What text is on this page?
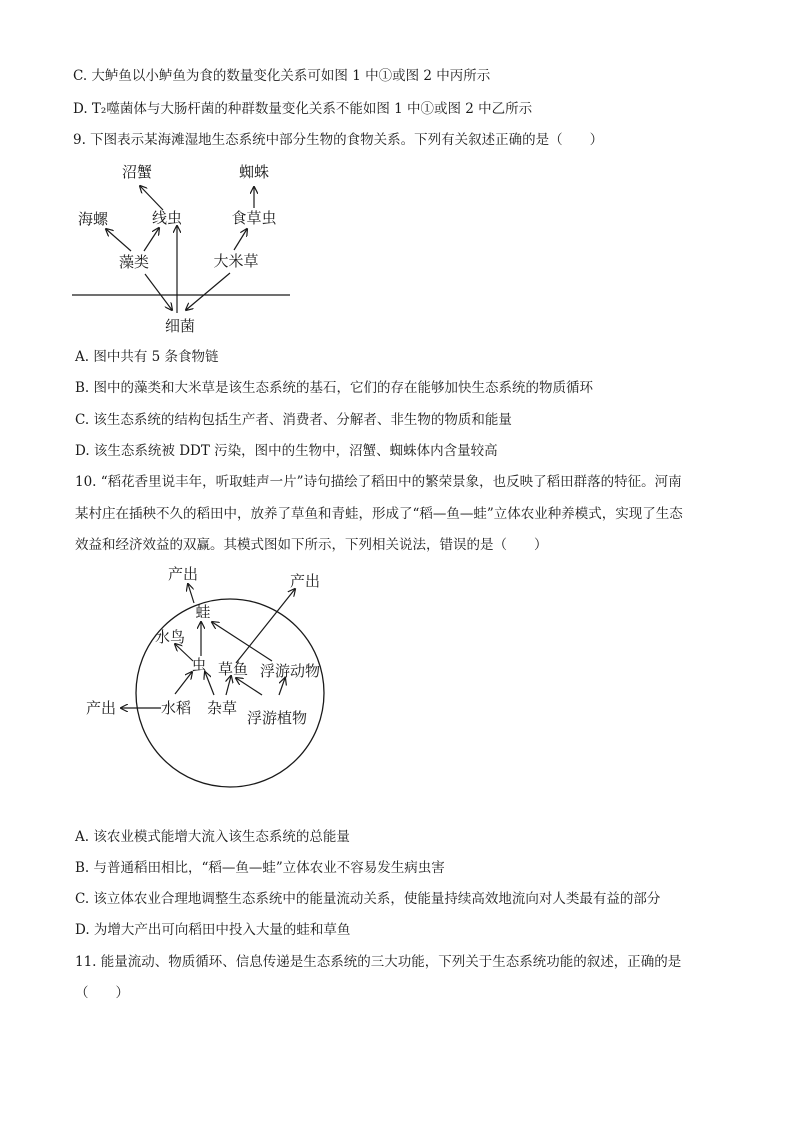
C. 大鲈鱼以小鲈鱼为食的数量变化关系可如图 1 中①或图 2 中丙所示
D. T₂噬菌体与大肠杆菌的种群数量变化关系不能如图 1 中①或图 2 中乙所示
9. 下图表示某海滩湿地生态系统中部分生物的食物关系。下列有关叙述正确的是（　　）
沼蟹	蜘蛛
海螺	线虫	食草虫
藻类	大米草
细菌
A. 图中共有 5 条食物链
B. 图中的藻类和大米草是该生态系统的基石，它们的存在能够加快生态系统的物质循环
C. 该生态系统的结构包括生产者、消费者、分解者、非生物的物质和能量
D. 该生态系统被 DDT 污染，图中的生物中，沼蟹、蜘蛛体内含量较高
10. “稻花香里说丰年，听取蛙声一片”诗句描绘了稻田中的繁荣景象，也反映了稻田群落的特征。河南
某村庄在插秧不久的稻田中，放养了草鱼和青蛙，形成了“稻—鱼—蛙”立体农业种养模式，实现了生态
效益和经济效益的双赢。其模式图如下所示，下列相关说法，错误的是（　　）
产出	产出
蛙
水鸟
虫 草鱼 浮游动物
产出	水稻 杂草
浮游植物
A. 该农业模式能增大流入该生态系统的总能量
B. 与普通稻田相比，“稻—鱼—蛙”立体农业不容易发生病虫害
C. 该立体农业合理地调整生态系统中的能量流动关系，使能量持续高效地流向对人类最有益的部分
D. 为增大产出可向稻田中投入大量的蛙和草鱼
11. 能量流动、物质循环、信息传递是生态系统的三大功能，下列关于生态系统功能的叙述，正确的是
（　　）
